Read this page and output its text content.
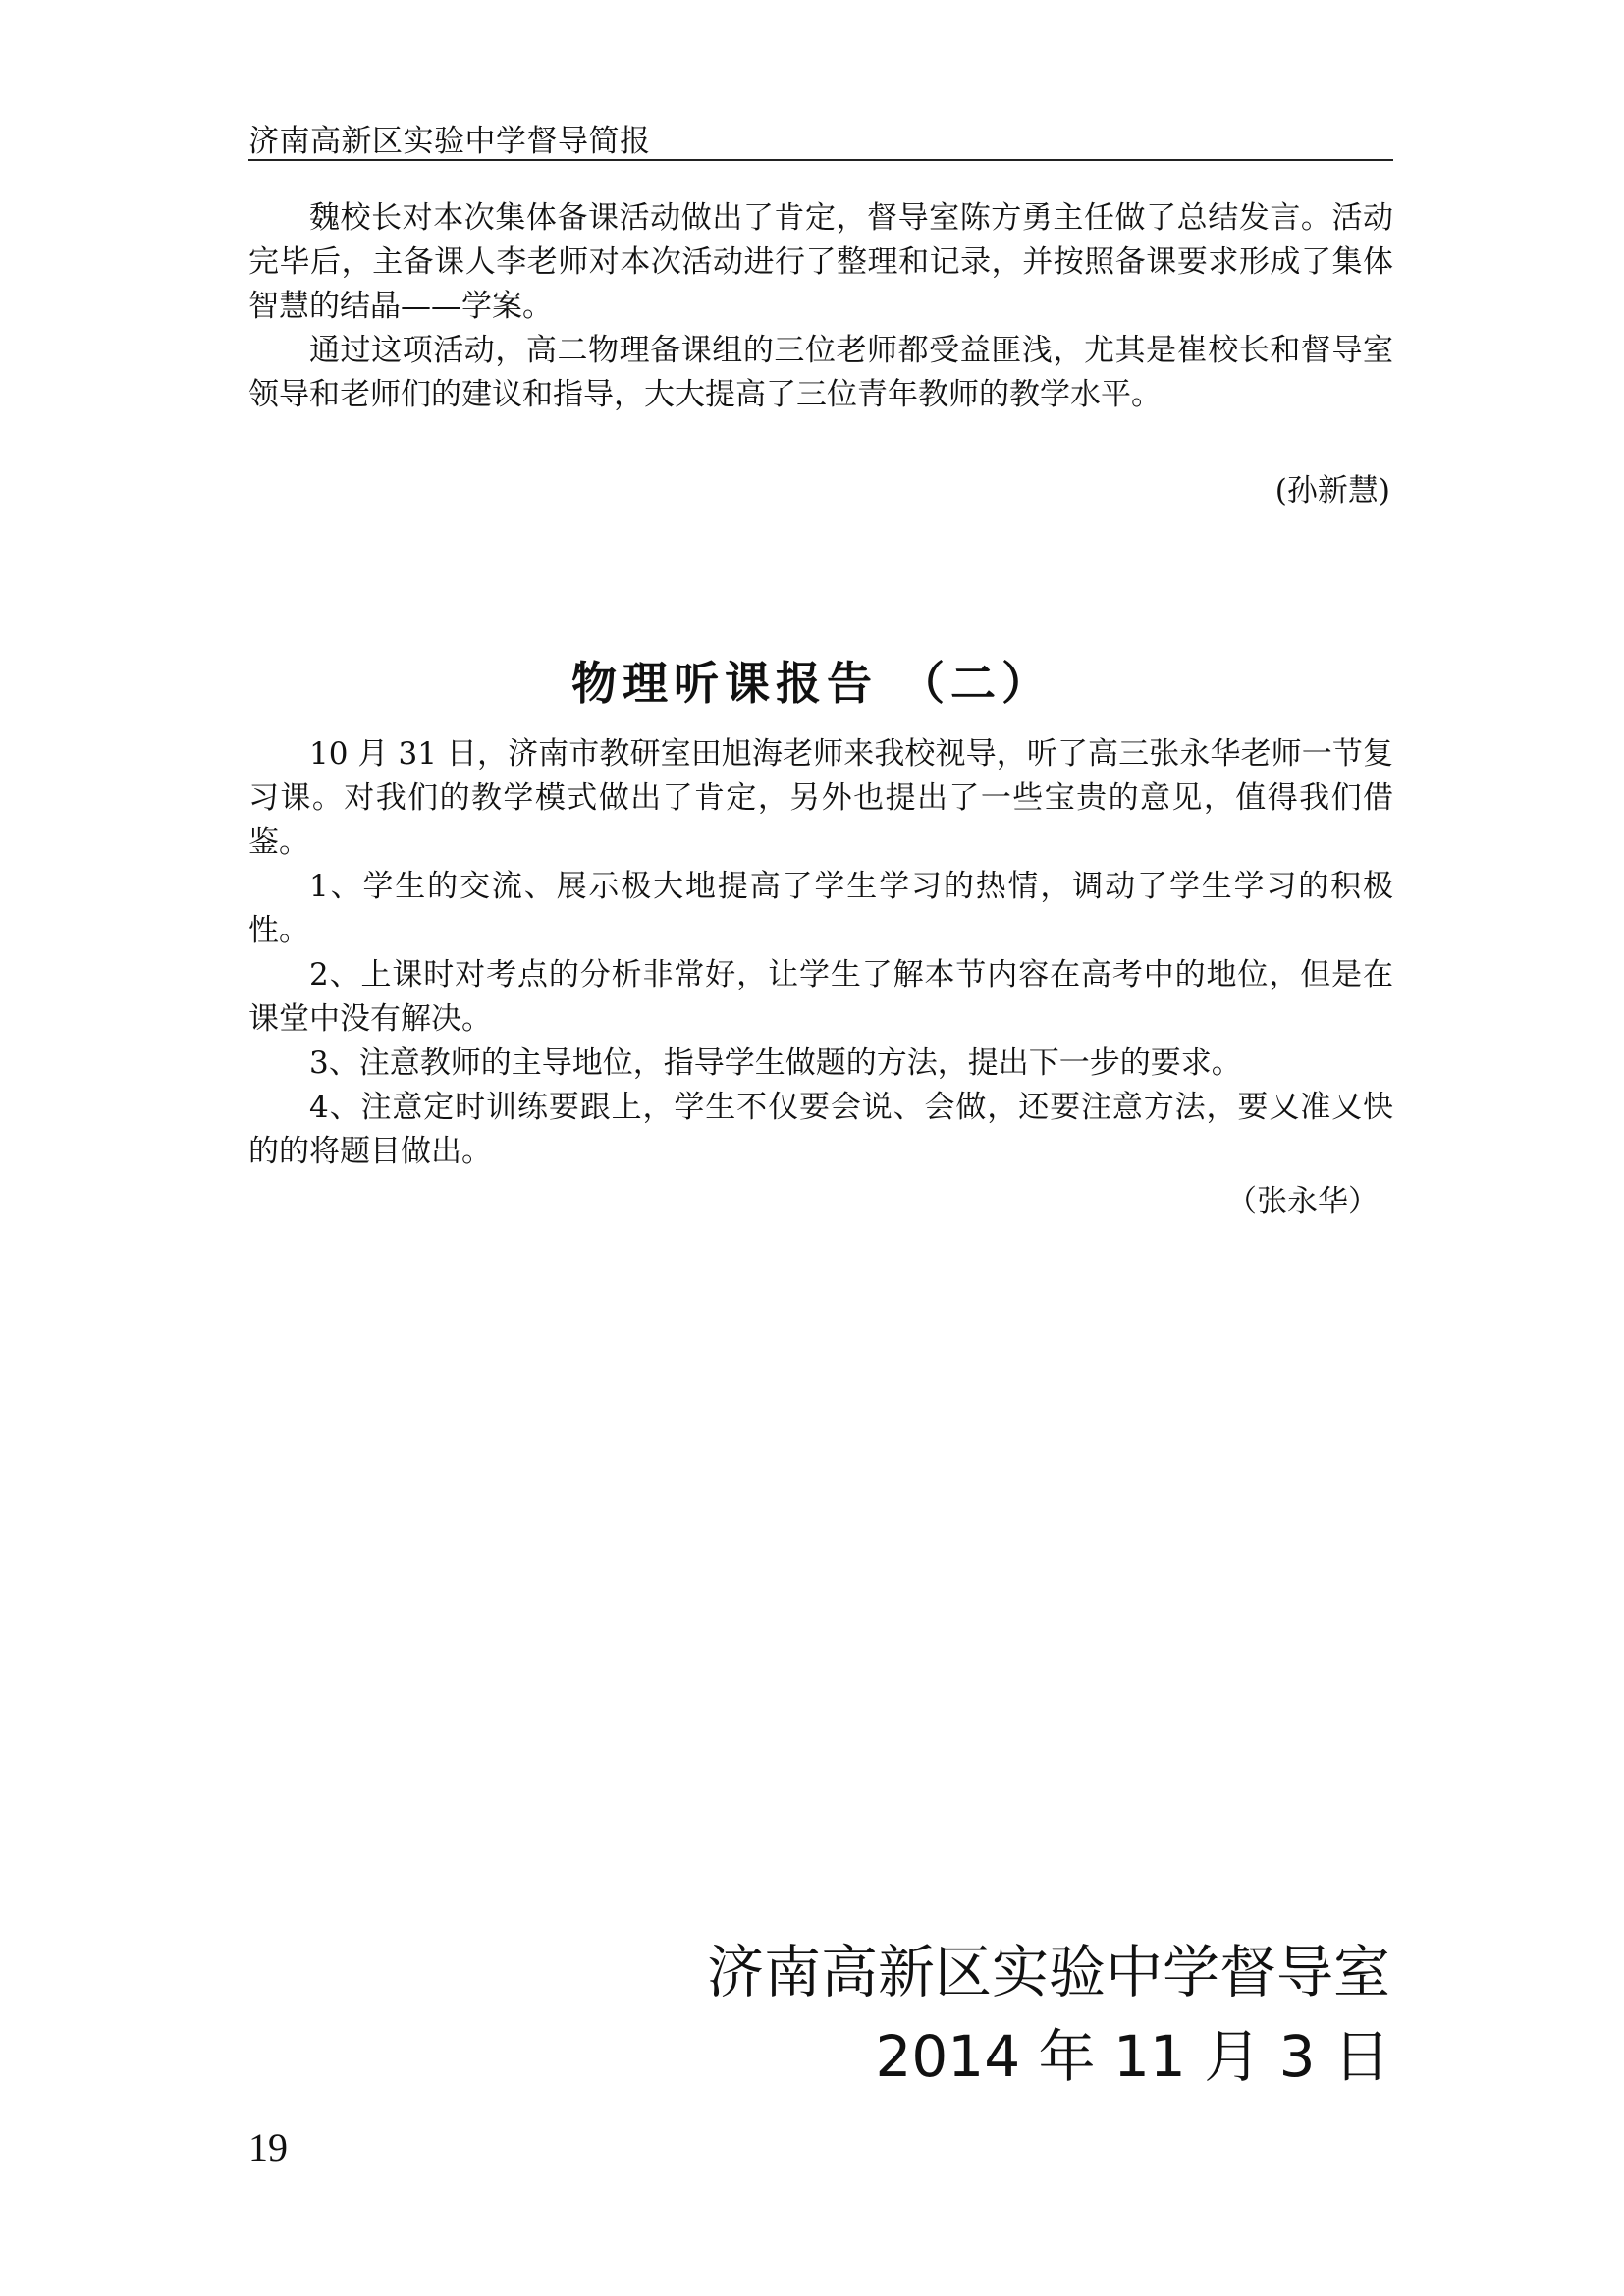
济南高新区实验中学督导简报

魏校长对本次集体备课活动做出了肯定，督导室陈方勇主任做了总结发言。活动完毕后，主备课人李老师对本次活动进行了整理和记录，并按照备课要求形成了集体智慧的结晶——学案。

通过这项活动，高二物理备课组的三位老师都受益匪浅，尤其是崔校长和督导室领导和老师们的建议和指导，大大提高了三位青年教师的教学水平。

(孙新慧)
物理听课报告 （二）

10 月 31 日，济南市教研室田旭海老师来我校视导，听了高三张永华老师一节复习课。对我们的教学模式做出了肯定，另外也提出了一些宝贵的意见，值得我们借鉴。

1、学生的交流、展示极大地提高了学生学习的热情，调动了学生学习的积极性。

2、上课时对考点的分析非常好，让学生了解本节内容在高考中的地位，但是在课堂中没有解决。

3、注意教师的主导地位，指导学生做题的方法，提出下一步的要求。

4、注意定时训练要跟上，学生不仅要会说、会做，还要注意方法，要又准又快的的将题目做出。

（张永华）
济南高新区实验中学督导室
2014 年 11 月 3 日
19
